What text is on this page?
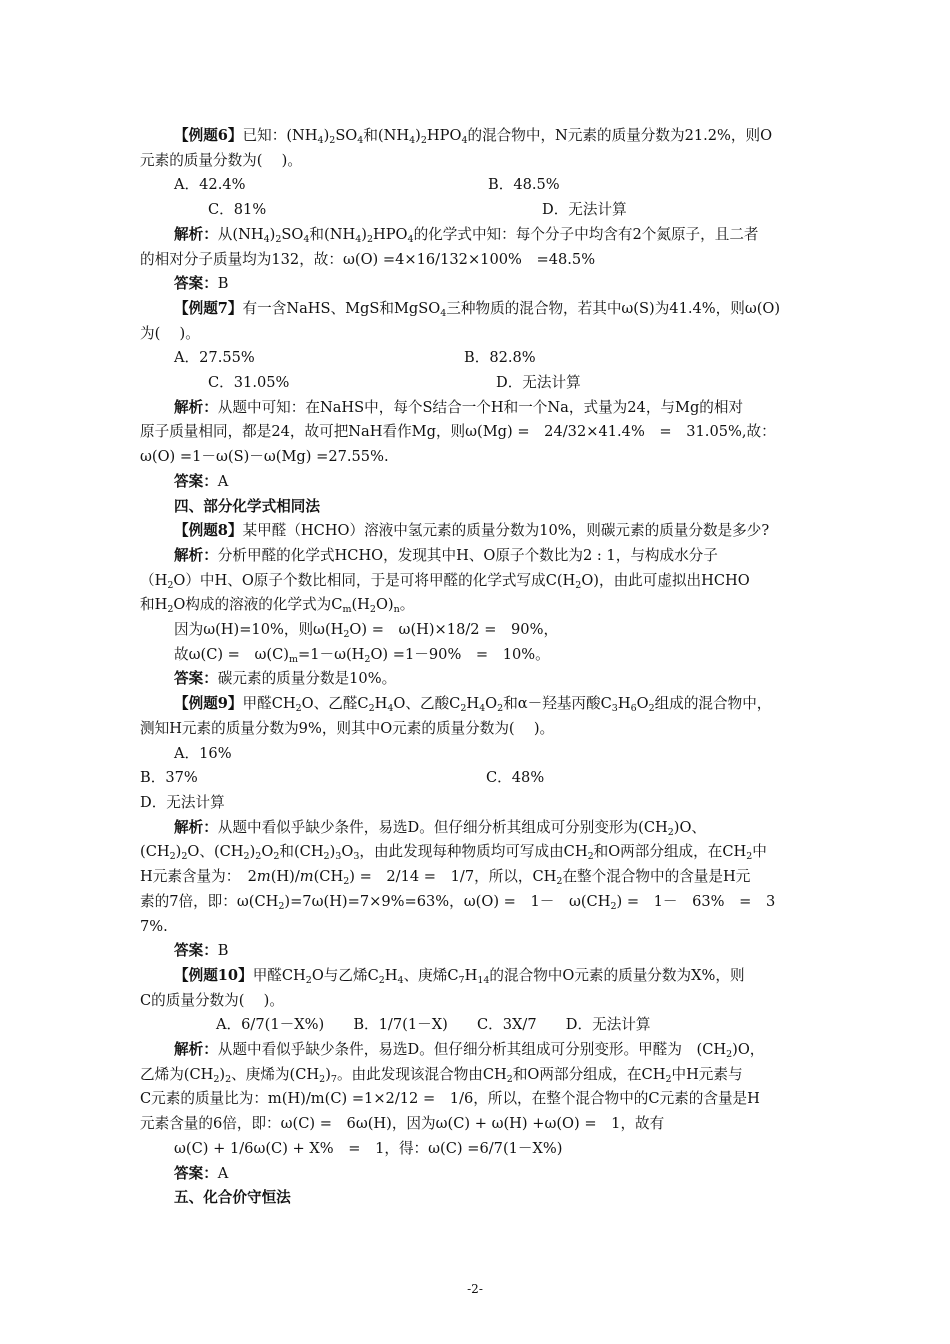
【例题6】已知：$(NH_4)_2SO_4$和$(NH_4)_2HPO_4$的混合物中，N元素的质量分数为21.2%，则O

元素的质量分数为(　 )。

A．42.4%	B．48.5%
C．81%	D．无法计算

解析：从$(NH_4)_2SO_4$和$(NH_4)_2HPO_4$的化学式中知：每个分子中均含有2个氮原子，且二者

的相对分子质量均为132，故：ω(O) =4×16/132×100%　=48.5%

答案：B

【例题7】有一含NaHS、MgS和MgSO$_4$三种物质的混合物，若其中ω(S)为41.4%，则ω(O)

为(　 )。

A．27.55%	B．82.8%
C．31.05%	D．无法计算

解析：从题中可知：在NaHS中，每个S结合一个H和一个Na，式量为24，与Mg的相对

原子质量相同，都是24，故可把NaH看作Mg，则ω(Mg) =　24/32×41.4%　=　31.05%,故：

ω(O) =1－ω(S)－ω(Mg) =27.55%.

答案：A

四、部分化学式相同法

【例题8】某甲醛（HCHO）溶液中氢元素的质量分数为10%，则碳元素的质量分数是多少?

解析：分析甲醛的化学式HCHO，发现其中H、O原子个数比为2 : 1，与构成水分子

$(H_2O)$中H、O原子个数比相同，于是可将甲醛的化学式写成$C(H_2O)$，由此可虚拟出HCHO

和$H_2O$构成的溶液的化学式为$C_m(H_2O)_n$。

因为ω(H)=10%，则$\omega(H_2O)$ =　ω(H)×18/2 =　90%，

故ω(C) =　$\omega(C)_m=1-\omega(H_2O) =1-90\%$　=　10%。

答案：碳元素的质量分数是10%。

【例题9】甲醛$CH_2O$、乙醛$C_2H_4O$、乙酸$C_2H_4O_2$和α－羟基丙酸$C_3H_6O_2$组成的混合物中，

测知H元素的质量分数为9%，则其中O元素的质量分数为(　 )。

A．16%

B．37%	C．48%

D．无法计算

解析：从题中看似乎缺少条件，易选D。但仔细分析其组成可分别变形为$(CH_2)O$、

$(CH_2)_2O$、$(CH_2)_2O_2$和$(CH_2)_3O_3$，由此发现每种物质均可写成由$CH_2$和O两部分组成，在$CH_2$中

H元素含量为：　$2m(H)/m(CH_2)$ =　2/14 =　1/7，所以，$CH_2$在整个混合物中的含量是H元

素的7倍，即：$\omega(CH_2)=7\omega(H)=7\times 9\%=63\%$，ω(O) =　1－　$\omega(CH_2)$ =　1－　63%　=　3

7%.

答案：B

【例题10】甲醛$CH_2O$与乙烯$C_2H_4$、庚烯$C_7H_{14}$的混合物中O元素的质量分数为X%，则

C的质量分数为(　 )。

A．6/7(1－X%)　　B．1/7(1－X)　　C．3X/7　　D．无法计算

解析：从题中看似乎缺少条件，易选D。但仔细分析其组成可分别变形。甲醛为　$(CH_2)O$，

乙烯为$(CH_2)_2$、庚烯为$(CH_2)_7$。由此发现该混合物由$CH_2$和O两部分组成，在$CH_2$中H元素与

C元素的质量比为：m(H)/m(C) =1×2/12 =　1/6，所以，在整个混合物中的C元素的含量是H

元素含量的6倍，即：ω(C) =　6ω(H)，因为ω(C) + ω(H) +ω(O) =　1，故有

ω(C) + 1/6ω(C) + X%　=　1，得：ω(C) =6/7(1－X%)

答案：A

五、化合价守恒法

-2-
